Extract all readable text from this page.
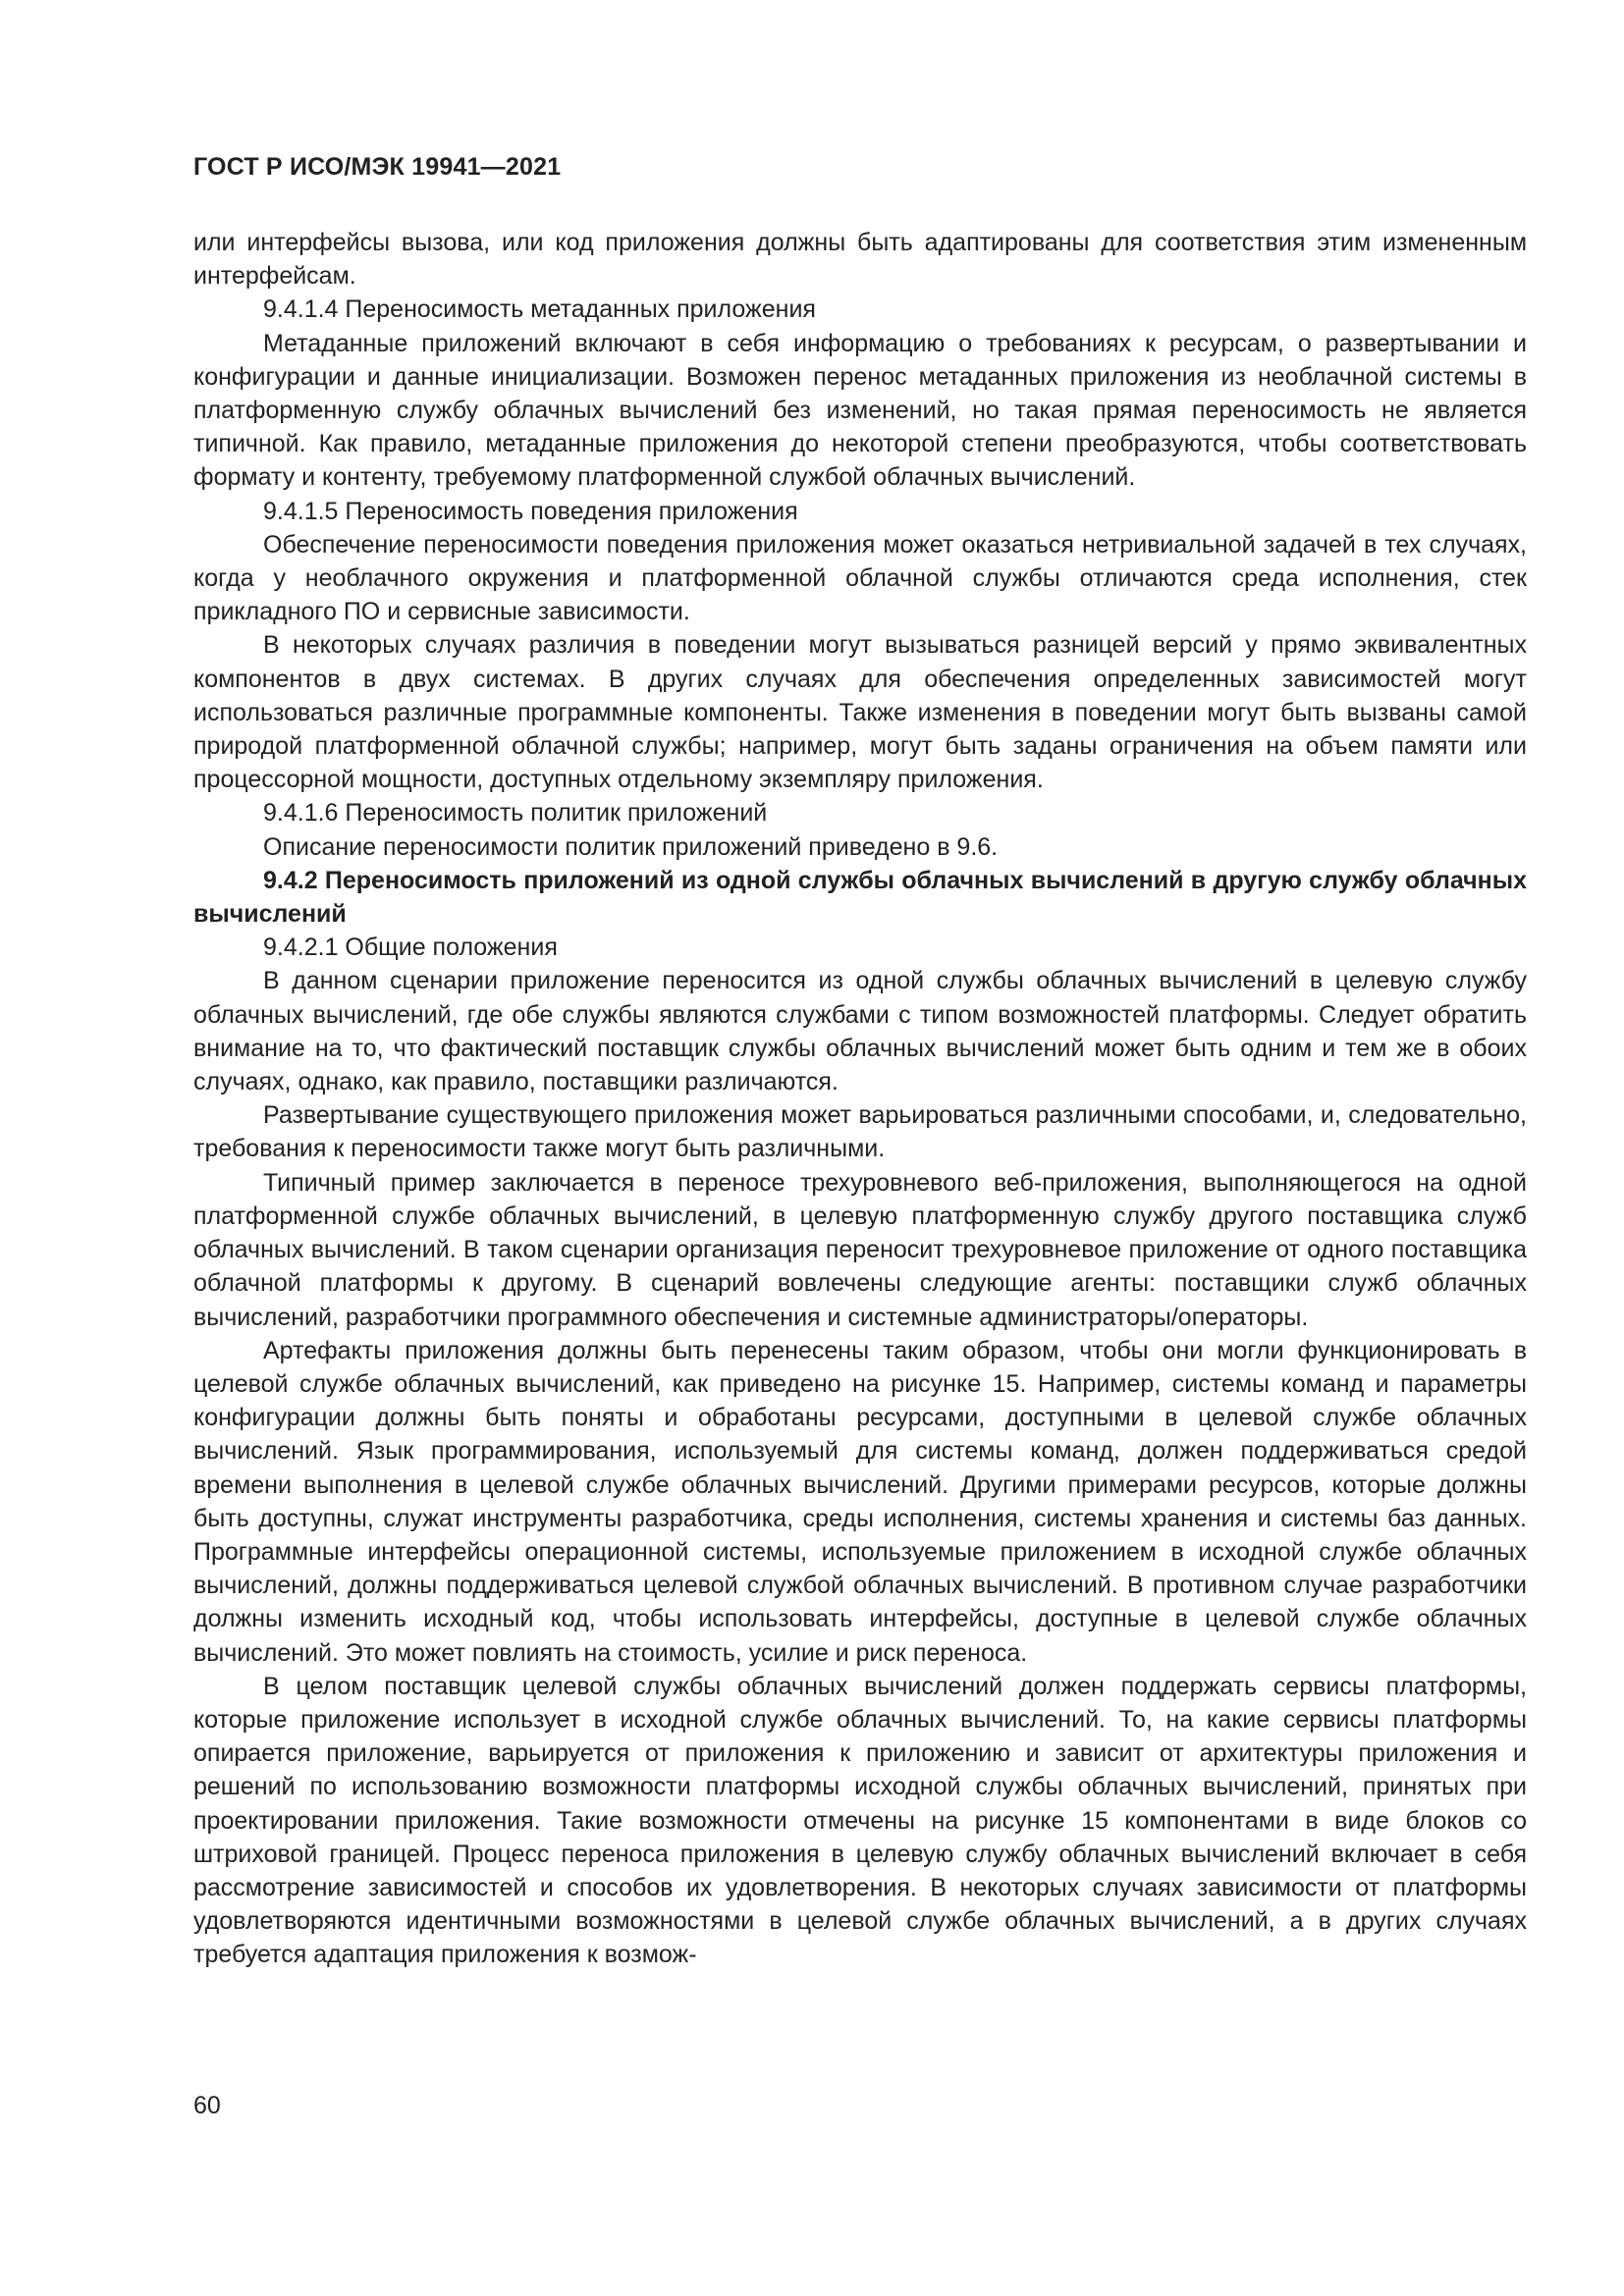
ГОСТ Р ИСО/МЭК 19941—2021

или интерфейсы вызова, или код приложения должны быть адаптированы для соответствия этим измененным интерфейсам.

9.4.1.4 Переносимость метаданных приложения

Метаданные приложений включают в себя информацию о требованиях к ресурсам, о развертывании и конфигурации и данные инициализации. Возможен перенос метаданных приложения из необлачной системы в платформенную службу облачных вычислений без изменений, но такая прямая переносимость не является типичной. Как правило, метаданные приложения до некоторой степени преобразуются, чтобы соответствовать формату и контенту, требуемому платформенной службой облачных вычислений.

9.4.1.5 Переносимость поведения приложения

Обеспечение переносимости поведения приложения может оказаться нетривиальной задачей в тех случаях, когда у необлачного окружения и платформенной облачной службы отличаются среда исполнения, стек прикладного ПО и сервисные зависимости.

В некоторых случаях различия в поведении могут вызываться разницей версий у прямо эквивалентных компонентов в двух системах. В других случаях для обеспечения определенных зависимостей могут использоваться различные программные компоненты. Также изменения в поведении могут быть вызваны самой природой платформенной облачной службы; например, могут быть заданы ограничения на объем памяти или процессорной мощности, доступных отдельному экземпляру приложения.

9.4.1.6 Переносимость политик приложений

Описание переносимости политик приложений приведено в 9.6.

9.4.2 Переносимость приложений из одной службы облачных вычислений в другую службу облачных вычислений

9.4.2.1 Общие положения

В данном сценарии приложение переносится из одной службы облачных вычислений в целевую службу облачных вычислений, где обе службы являются службами с типом возможностей платформы. Следует обратить внимание на то, что фактический поставщик службы облачных вычислений может быть одним и тем же в обоих случаях, однако, как правило, поставщики различаются.

Развертывание существующего приложения может варьироваться различными способами, и, следовательно, требования к переносимости также могут быть различными.

Типичный пример заключается в переносе трехуровневого веб-приложения, выполняющегося на одной платформенной службе облачных вычислений, в целевую платформенную службу другого поставщика служб облачных вычислений. В таком сценарии организация переносит трехуровневое приложение от одного поставщика облачной платформы к другому. В сценарий вовлечены следующие агенты: поставщики служб облачных вычислений, разработчики программного обеспечения и системные администраторы/операторы.

Артефакты приложения должны быть перенесены таким образом, чтобы они могли функционировать в целевой службе облачных вычислений, как приведено на рисунке 15. Например, системы команд и параметры конфигурации должны быть поняты и обработаны ресурсами, доступными в целевой службе облачных вычислений. Язык программирования, используемый для системы команд, должен поддерживаться средой времени выполнения в целевой службе облачных вычислений. Другими примерами ресурсов, которые должны быть доступны, служат инструменты разработчика, среды исполнения, системы хранения и системы баз данных. Программные интерфейсы операционной системы, используемые приложением в исходной службе облачных вычислений, должны поддерживаться целевой службой облачных вычислений. В противном случае разработчики должны изменить исходный код, чтобы использовать интерфейсы, доступные в целевой службе облачных вычислений. Это может повлиять на стоимость, усилие и риск переноса.

В целом поставщик целевой службы облачных вычислений должен поддержать сервисы платформы, которые приложение использует в исходной службе облачных вычислений. То, на какие сервисы платформы опирается приложение, варьируется от приложения к приложению и зависит от архитектуры приложения и решений по использованию возможности платформы исходной службы облачных вычислений, принятых при проектировании приложения. Такие возможности отмечены на рисунке 15 компонентами в виде блоков со штриховой границей. Процесс переноса приложения в целевую службу облачных вычислений включает в себя рассмотрение зависимостей и способов их удовлетворения. В некоторых случаях зависимости от платформы удовлетворяются идентичными возможностями в целевой службе облачных вычислений, а в других случаях требуется адаптация приложения к возмож-

60
